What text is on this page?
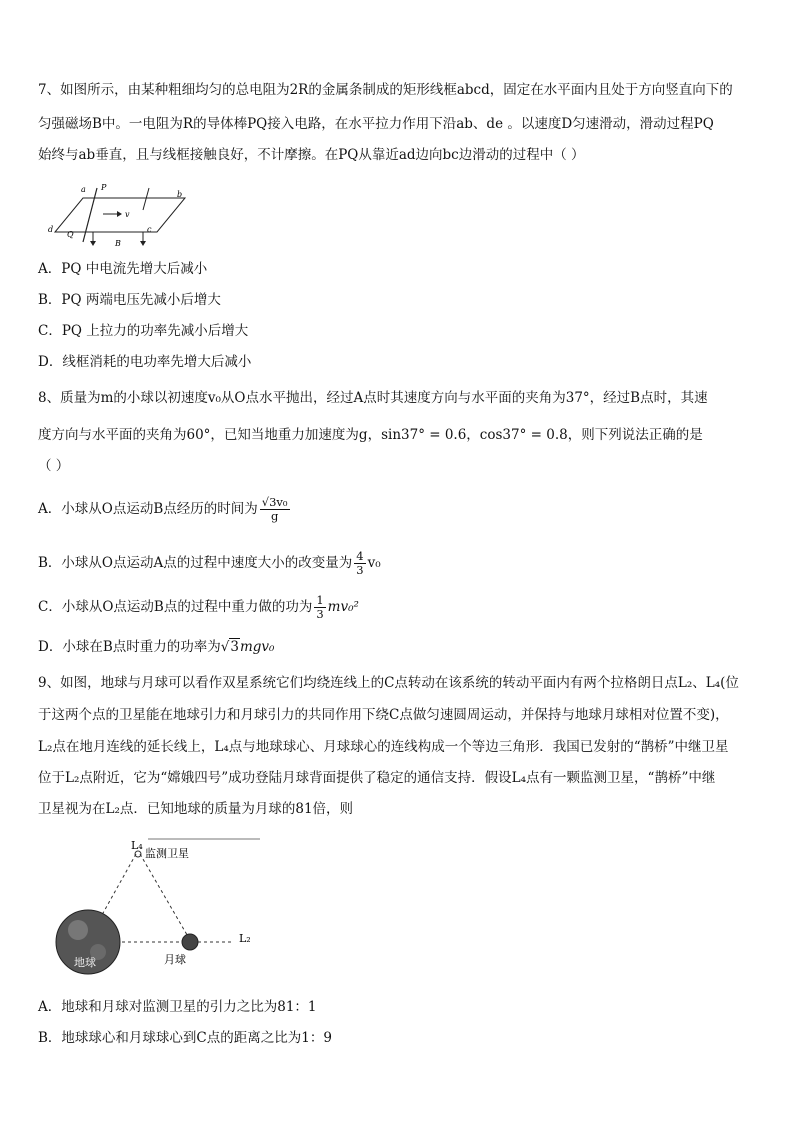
7、如图所示，由某种粗细均匀的总电阻为2R的金属条制成的矩形线框abcd，固定在水平面内且处于方向竖直向下的
匀强磁场B中。一电阻为R的导体棒PQ接入电路，在水平拉力作用下沿ab、de 。以速度D匀速滑动，滑动过程PQ
始终与ab垂直，且与线框接触良好，不计摩擦。在PQ从靠近ad边向bc边滑动的过程中（ ）
a P
b
v
d
Q
c
B
A．PQ 中电流先增大后减小
B．PQ 两端电压先减小后增大
C．PQ 上拉力的功率先减小后增大
D．线框消耗的电功率先增大后减小
8、质量为m的小球以初速度v₀从O点水平抛出，经过A点时其速度方向与水平面的夹角为37°，经过B点时，其速
度方向与水平面的夹角为60°，已知当地重力加速度为g，sin37° = 0.6，cos37° = 0.8，则下列说法正确的是
（ ）
A．小球从O点运动B点经历的时间为 $\frac{\text{√3v₀}}{g}$
B．小球从O点运动A点的过程中速度大小的改变量为 $\frac{4}{3} v_0$
C．小球从O点运动B点的过程中重力做的功为 $\frac{1}{3} mv_0^2$
D．小球在B点时重力的功率为√3mgv₀
9、如图，地球与月球可以看作双星系统它们均绕连线上的C点转动在该系统的转动平面内有两个拉格朗日点L₂、L₄(位
于这两个点的卫星能在地球引力和月球引力的共同作用下绕C点做匀速圆周运动，并保持与地球月球相对位置不变)，
L₂点在地月连线的延长线上，L₄点与地球球心、月球球心的连线构成一个等边三角形．我国已发射的“鹊桥”中继卫星
位于L₂点附近，它为“嫦娥四号”成功登陆月球背面提供了稳定的通信支持．假设L₄点有一颗监测卫星，“鹊桥”中继
卫星视为在L₂点．已知地球的质量为月球的81倍，则
L₄
监测卫星
L₂
地球	月球
A．地球和月球对监测卫星的引力之比为81：1
B．地球球心和月球球心到C点的距离之比为1：9
